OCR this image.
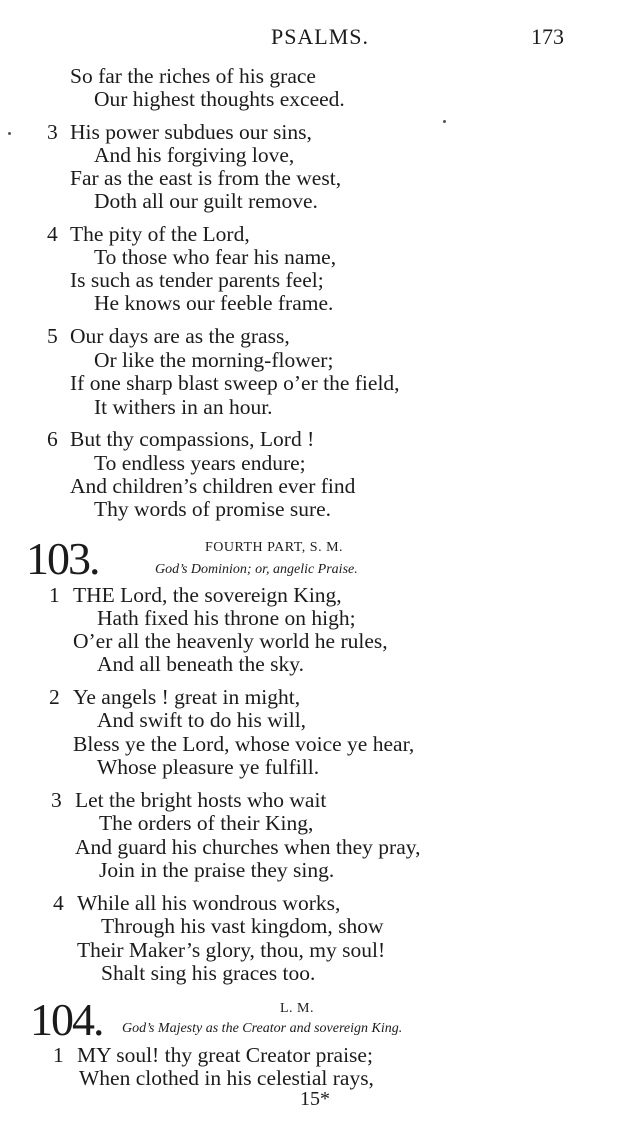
PSALMS.	173
So far the riches of his grace
Our highest thoughts exceed.
3 His power subdues our sins,
And his forgiving love,
Far as the east is from the west,
Doth all our guilt remove.
4 The pity of the Lord,
To those who fear his name,
Is such as tender parents feel;
He knows our feeble frame.
5 Our days are as the grass,
Or like the morning-flower;
If one sharp blast sweep o’er the field,
It withers in an hour.
6 But thy compassions, Lord !
To endless years endure;
And children’s children ever find
Thy words of promise sure.
103.	FOURTH PART, S. M.
God’s Dominion; or, angelic Praise.
1 THE Lord, the sovereign King,
Hath fixed his throne on high;
O’er all the heavenly world he rules,
And all beneath the sky.
2 Ye angels ! great in might,
And swift to do his will,
Bless ye the Lord, whose voice ye hear,
Whose pleasure ye fulfill.
3 Let the bright hosts who wait
The orders of their King,
And guard his churches when they pray,
Join in the praise they sing.
4 While all his wondrous works,
Through his vast kingdom, show
Their Maker’s glory, thou, my soul!
Shalt sing his graces too.
104.	L. M.
God’s Majesty as the Creator and sovereign King.
1 MY soul! thy great Creator praise;
When clothed in his celestial rays,
15*
